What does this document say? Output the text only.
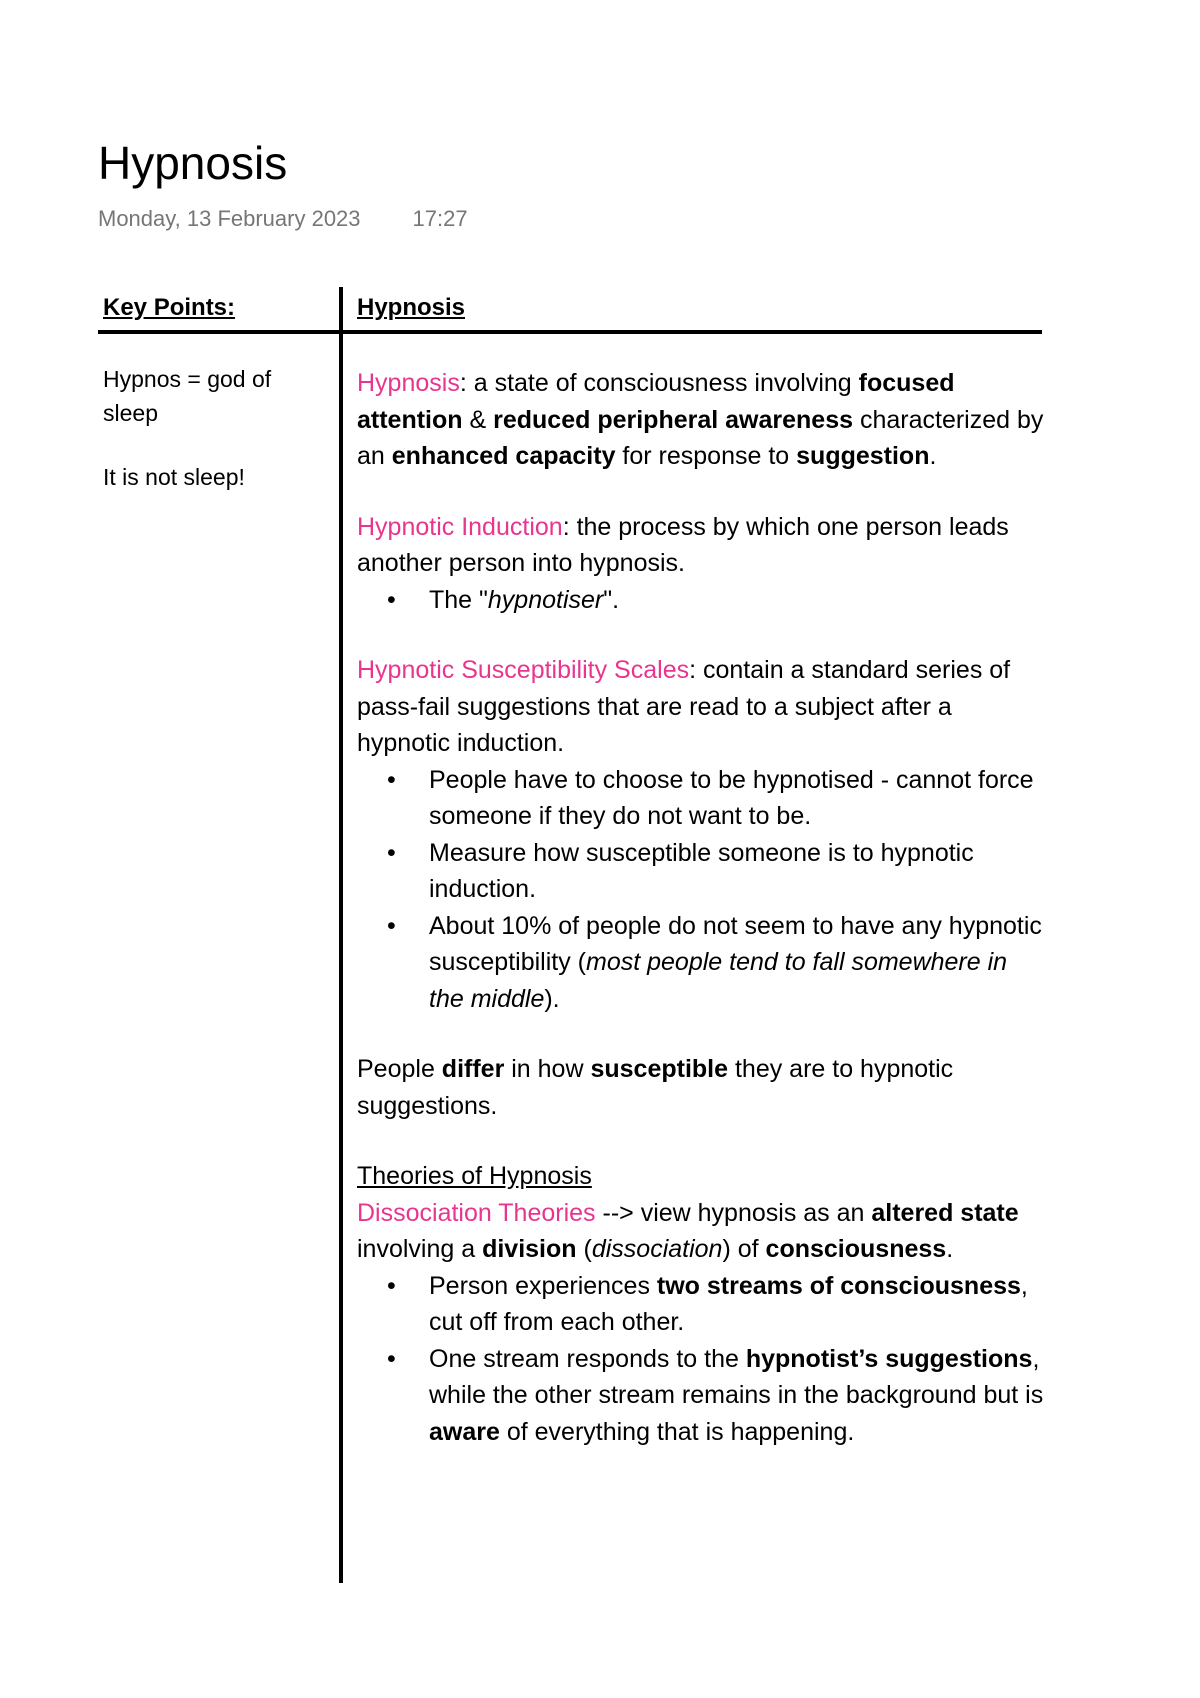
Hypnosis
Monday, 13 February 2023 17:27
Key Points:	Hypnosis

Hypnos = god of sleep

It is not sleep!

Hypnosis: a state of consciousness involving focused attention & reduced peripheral awareness characterized by an enhanced capacity for response to suggestion.

Hypnotic Induction: the process by which one person leads another person into hypnosis.

• The "hypnotiser".

Hypnotic Susceptibility Scales: contain a standard series of pass-fail suggestions that are read to a subject after a hypnotic induction.

• People have to choose to be hypnotised - cannot force someone if they do not want to be.
• Measure how susceptible someone is to hypnotic induction.
• About 10% of people do not seem to have any hypnotic susceptibility (most people tend to fall somewhere in the middle).

People differ in how susceptible they are to hypnotic suggestions.

Theories of Hypnosis

Dissociation Theories --> view hypnosis as an altered state involving a division (dissociation) of consciousness.

• Person experiences two streams of consciousness, cut off from each other.
• One stream responds to the hypnotist’s suggestions, while the other stream remains in the background but is aware of everything that is happening.
